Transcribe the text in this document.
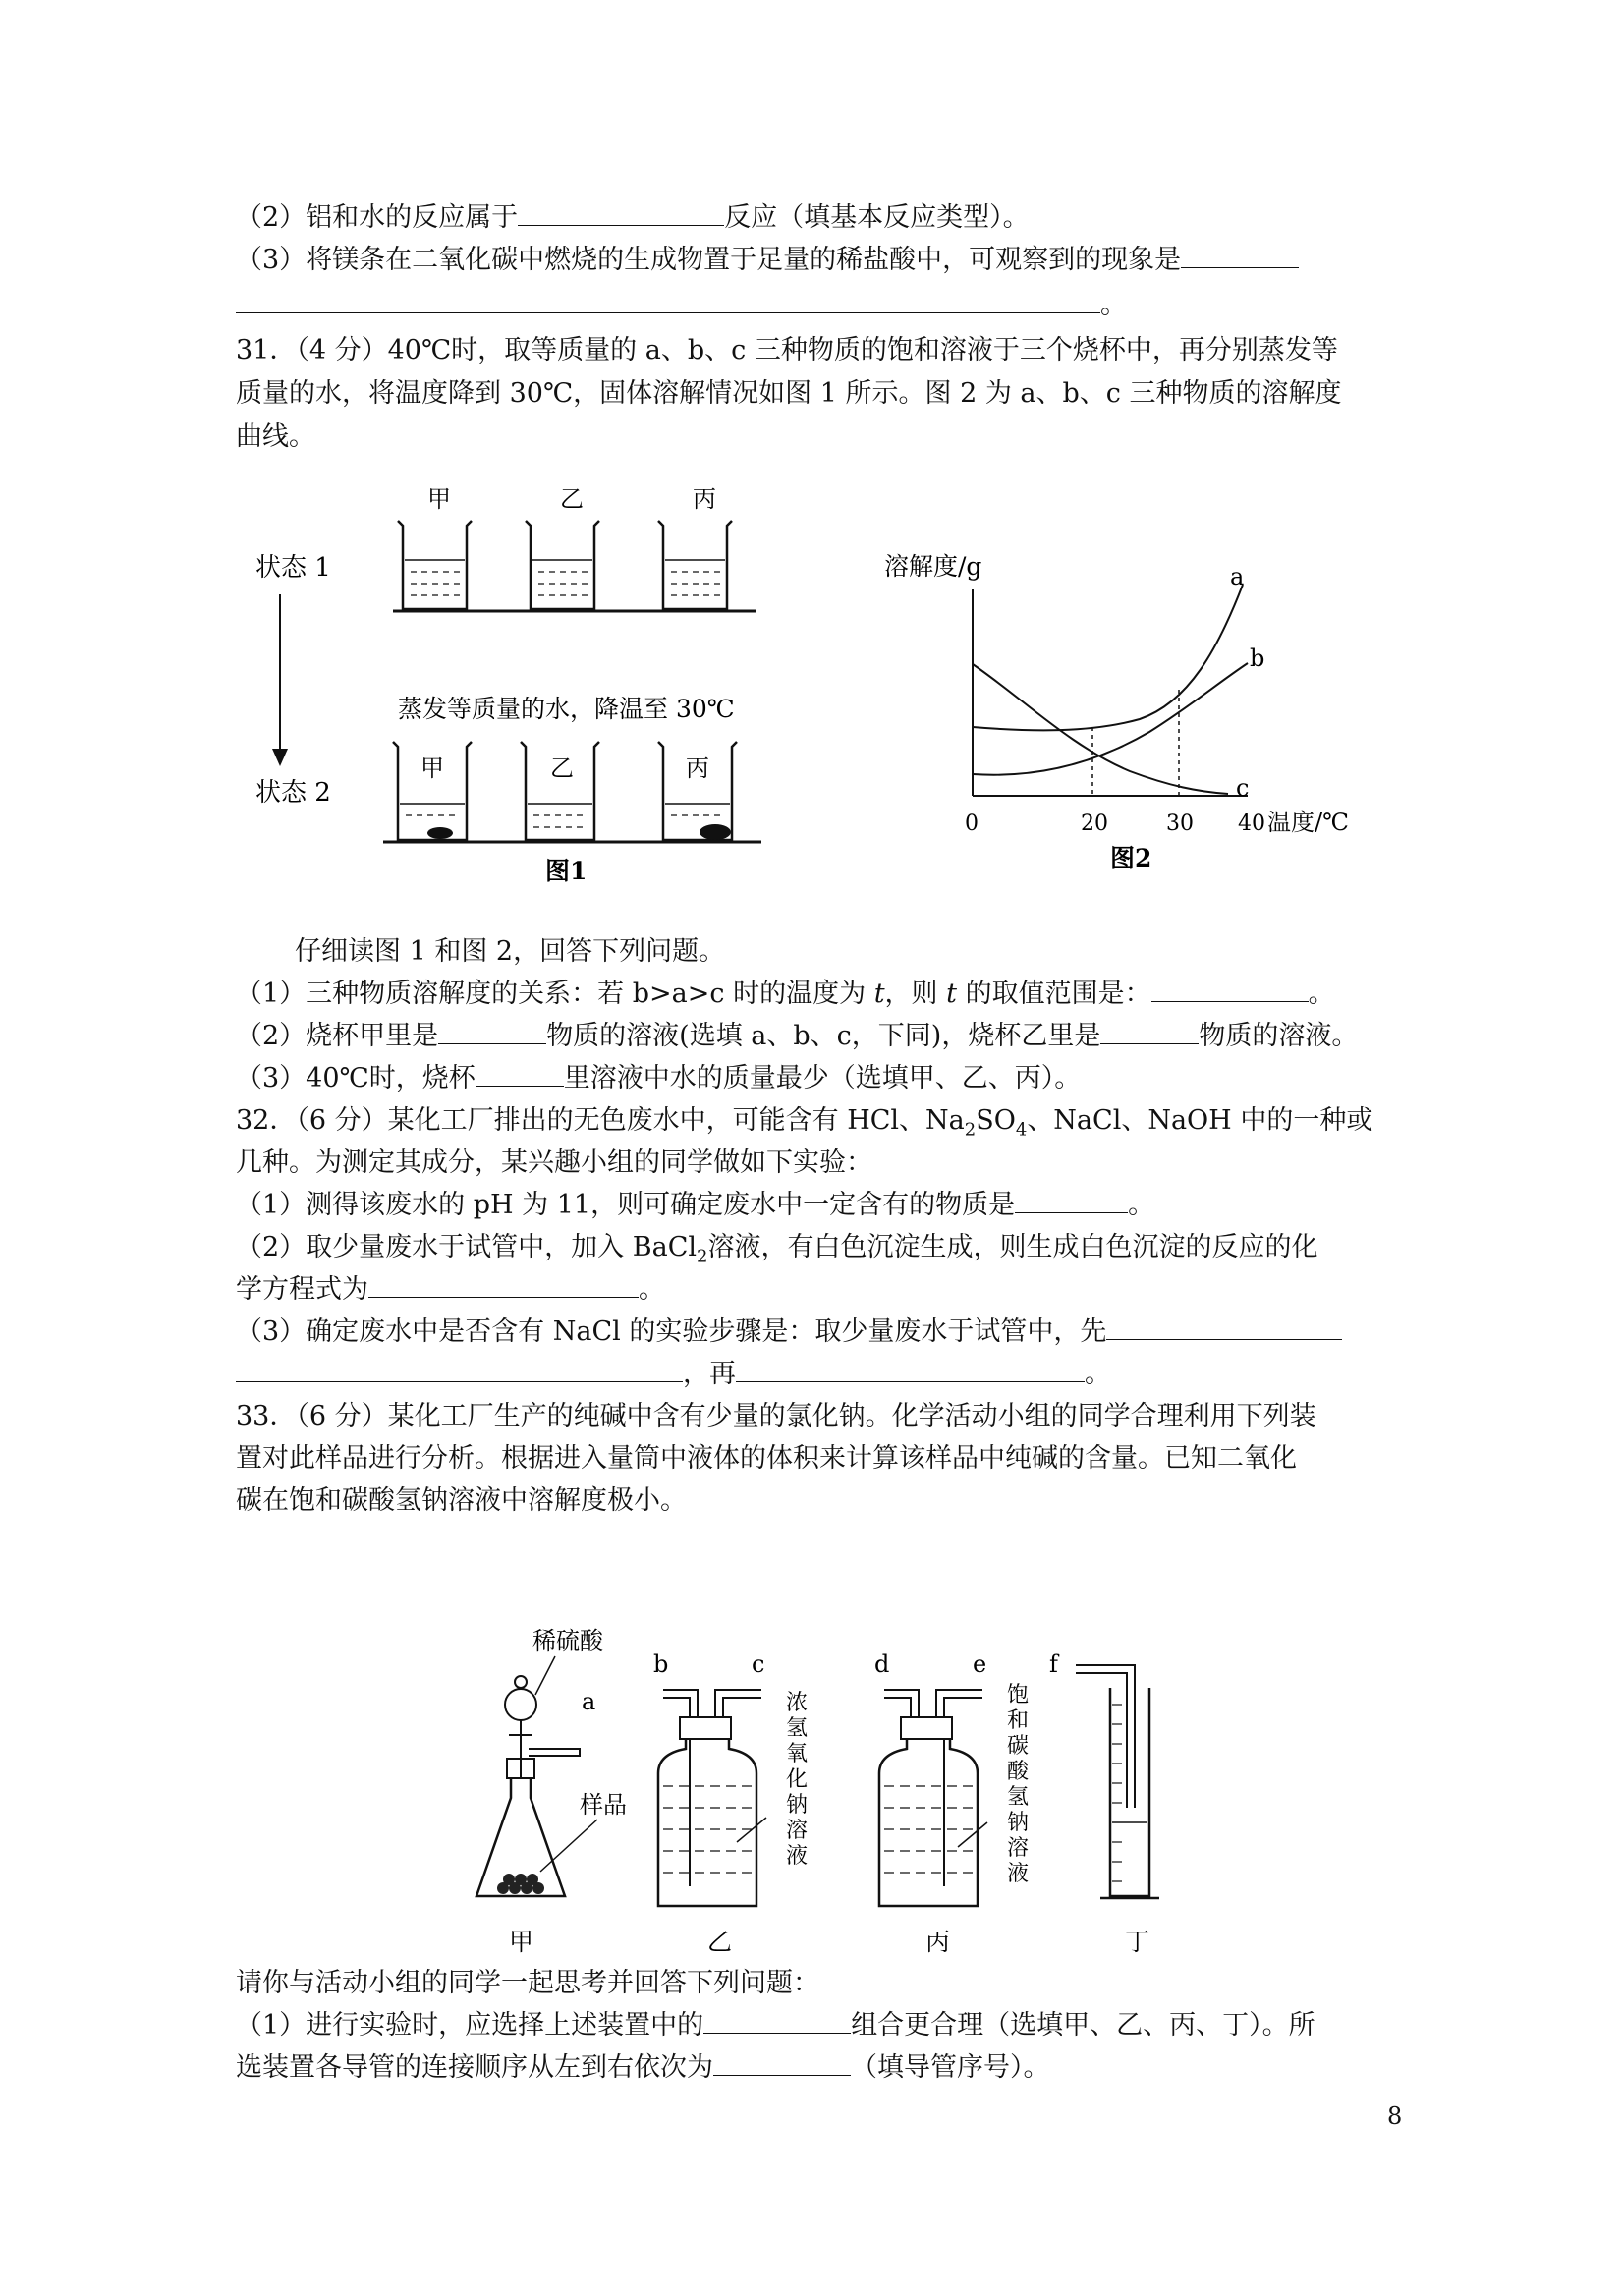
（2）铝和水的反应属于	反应（填基本反应类型）。
（3）将镁条在二氧化碳中燃烧的生成物置于足量的稀盐酸中，可观察到的现象是
。
31．（4 分）40℃时，取等质量的 a、b、c 三种物质的饱和溶液于三个烧杯中，再分别蒸发等
质量的水，将温度降到 30℃，固体溶解情况如图 1 所示。图 2 为 a、b、c 三种物质的溶解度
曲线。
状态 1
状态 2
甲	乙	丙
蒸发等质量的水，降温至 30℃
甲	乙	丙
图1
溶解度/g	a
b
c
0	20	30 40 温度/℃
图2
仔细读图 1 和图 2，回答下列问题。
（1）三种物质溶解度的关系：若 b>a>c 时的温度为 t，则 t 的取值范围是：	。
（2）烧杯甲里是	物质的溶液(选填 a、b、c，下同)，烧杯乙里是	物质的溶液。
（3）40℃时，烧杯	里溶液中水的质量最少（选填甲、乙、丙）。
32．（6 分）某化工厂排出的无色废水中，可能含有 HCl、$Na_2SO_4$、NaCl、NaOH 中的一种或
几种。为测定其成分，某兴趣小组的同学做如下实验：
（1）测得该废水的 pH 为 11，则可确定废水中一定含有的物质是	。
（2）取少量废水于试管中，加入 BaCl$_2$溶液，有白色沉淀生成，则生成白色沉淀的反应的化
学方程式为	。
（3）确定废水中是否含有 NaCl 的实验步骤是：取少量废水于试管中，先
，再	。
33．（6 分）某化工厂生产的纯碱中含有少量的氯化钠。化学活动小组的同学合理利用下列装
置对此样品进行分析。根据进入量筒中液体的体积来计算该样品中纯碱的含量。已知二氧化
碳在饱和碳酸氢钠溶液中溶解度极小。
稀硫酸
a
样品
b	c
浓氢氧化钠溶液
d	e
饱和碳酸氢钠溶液
f
甲	乙	丙	丁
请你与活动小组的同学一起思考并回答下列问题：
（1）进行实验时，应选择上述装置中的	组合更合理（选填甲、乙、丙、丁）。所
选装置各导管的连接顺序从左到右依次为	（填导管序号）。
8
